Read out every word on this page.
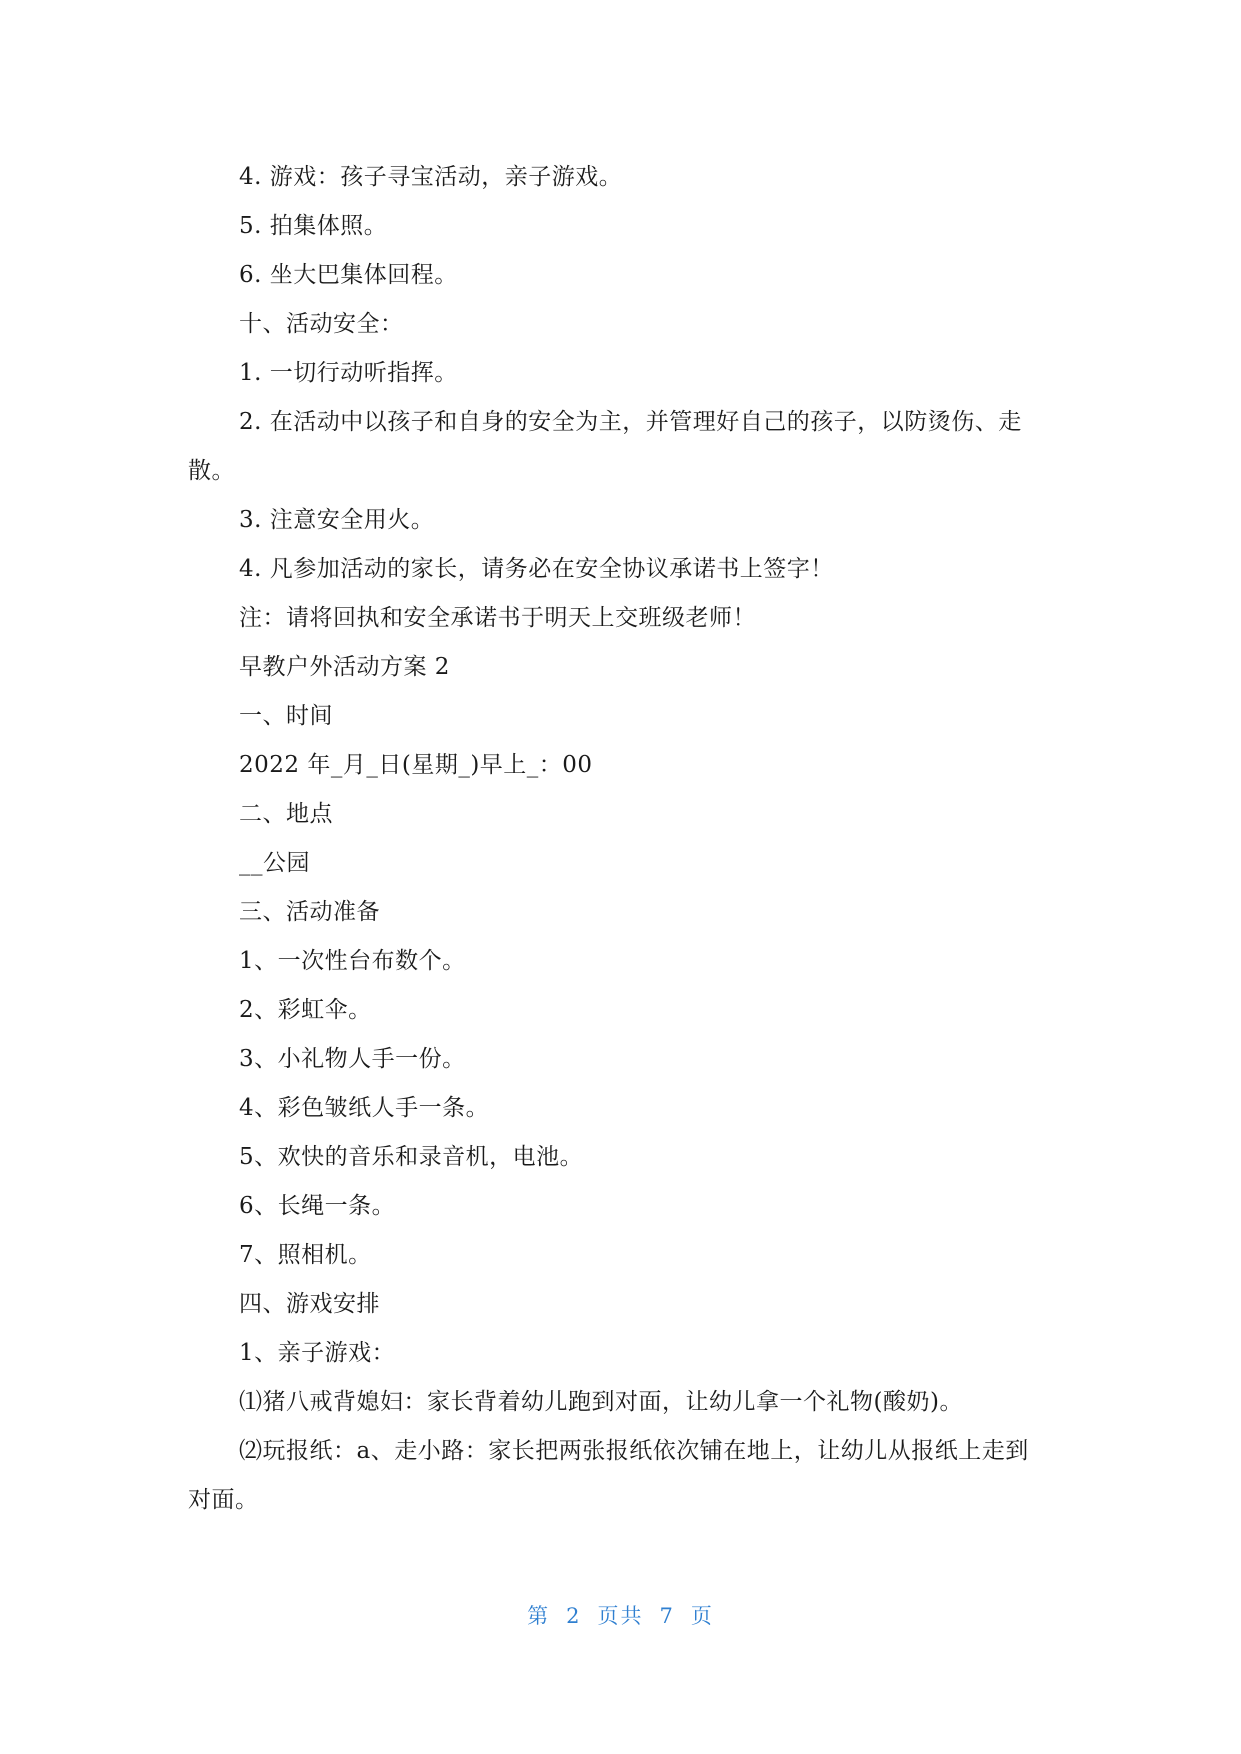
4. 游戏：孩子寻宝活动，亲子游戏。

5. 拍集体照。

6. 坐大巴集体回程。

十、活动安全：

1. 一切行动听指挥。

2. 在活动中以孩子和自身的安全为主，并管理好自己的孩子，以防烫伤、走散。

3. 注意安全用火。

4. 凡参加活动的家长，请务必在安全协议承诺书上签字！

注：请将回执和安全承诺书于明天上交班级老师！

早教户外活动方案 2

一、时间

2022 年_月_日(星期_)早上_：00

二、地点

__公园

三、活动准备

1、一次性台布数个。

2、彩虹伞。

3、小礼物人手一份。

4、彩色皱纸人手一条。

5、欢快的音乐和录音机，电池。

6、长绳一条。

7、照相机。

四、游戏安排

1、亲子游戏：

⑴猪八戒背媳妇：家长背着幼儿跑到对面，让幼儿拿一个礼物(酸奶)。

⑵玩报纸：a、走小路：家长把两张报纸依次铺在地上，让幼儿从报纸上走到对面。

第 2 页共 7 页
